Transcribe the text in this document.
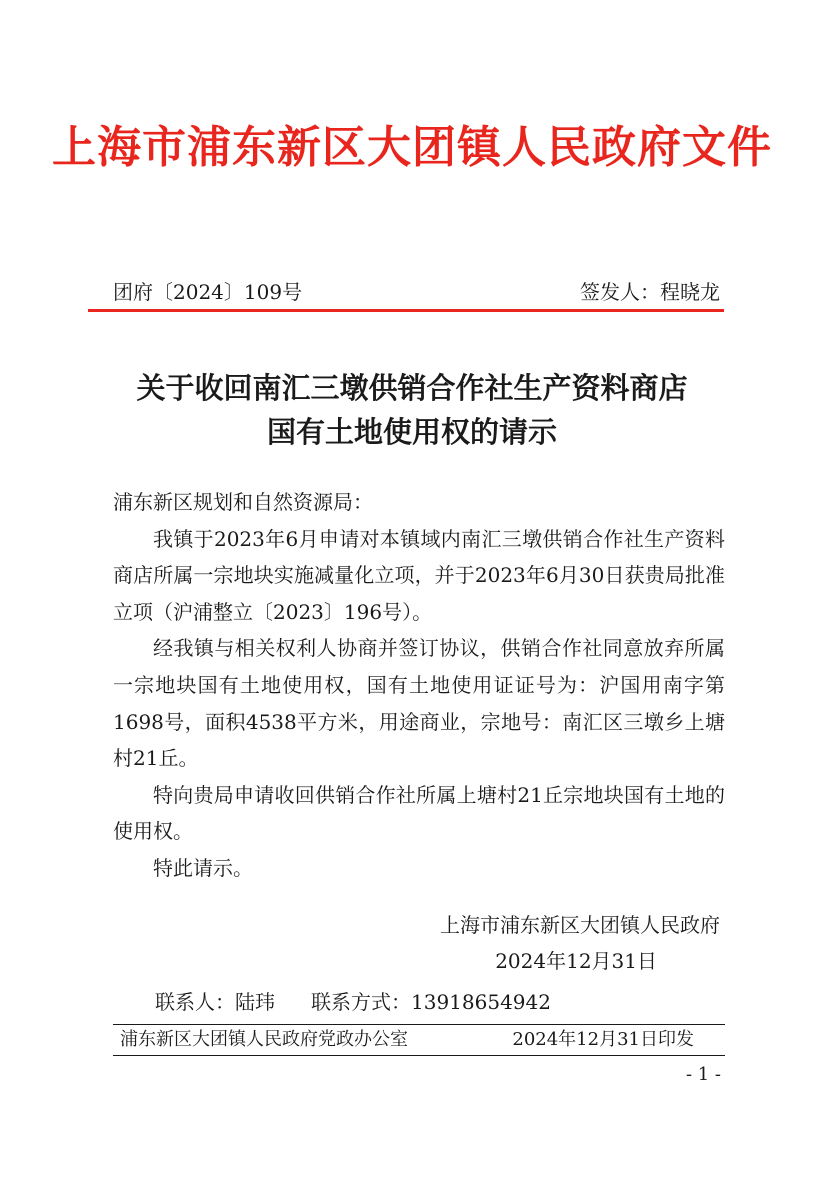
上海市浦东新区大团镇人民政府文件
团府〔2024〕109号	签发人：程晓龙
关于收回南汇三墩供销合作社生产资料商店
国有土地使用权的请示

浦东新区规划和自然资源局：

我镇于2023年6月申请对本镇域内南汇三墩供销合作社生产资料商店所属一宗地块实施减量化立项，并于2023年6月30日获贵局批准立项（沪浦整立〔2023〕196号）。

经我镇与相关权利人协商并签订协议，供销合作社同意放弃所属一宗地块国有土地使用权，国有土地使用证证号为：沪国用南字第1698号，面积4538平方米，用途商业，宗地号：南汇区三墩乡上塘村21丘。

特向贵局申请收回供销合作社所属上塘村21丘宗地块国有土地的使用权。

特此请示。

上海市浦东新区大团镇人民政府
2024年12月31日
联系人：陆玮 联系方式：13918654942
浦东新区大团镇人民政府党政办公室	2024年12月31日印发
- 1 -
